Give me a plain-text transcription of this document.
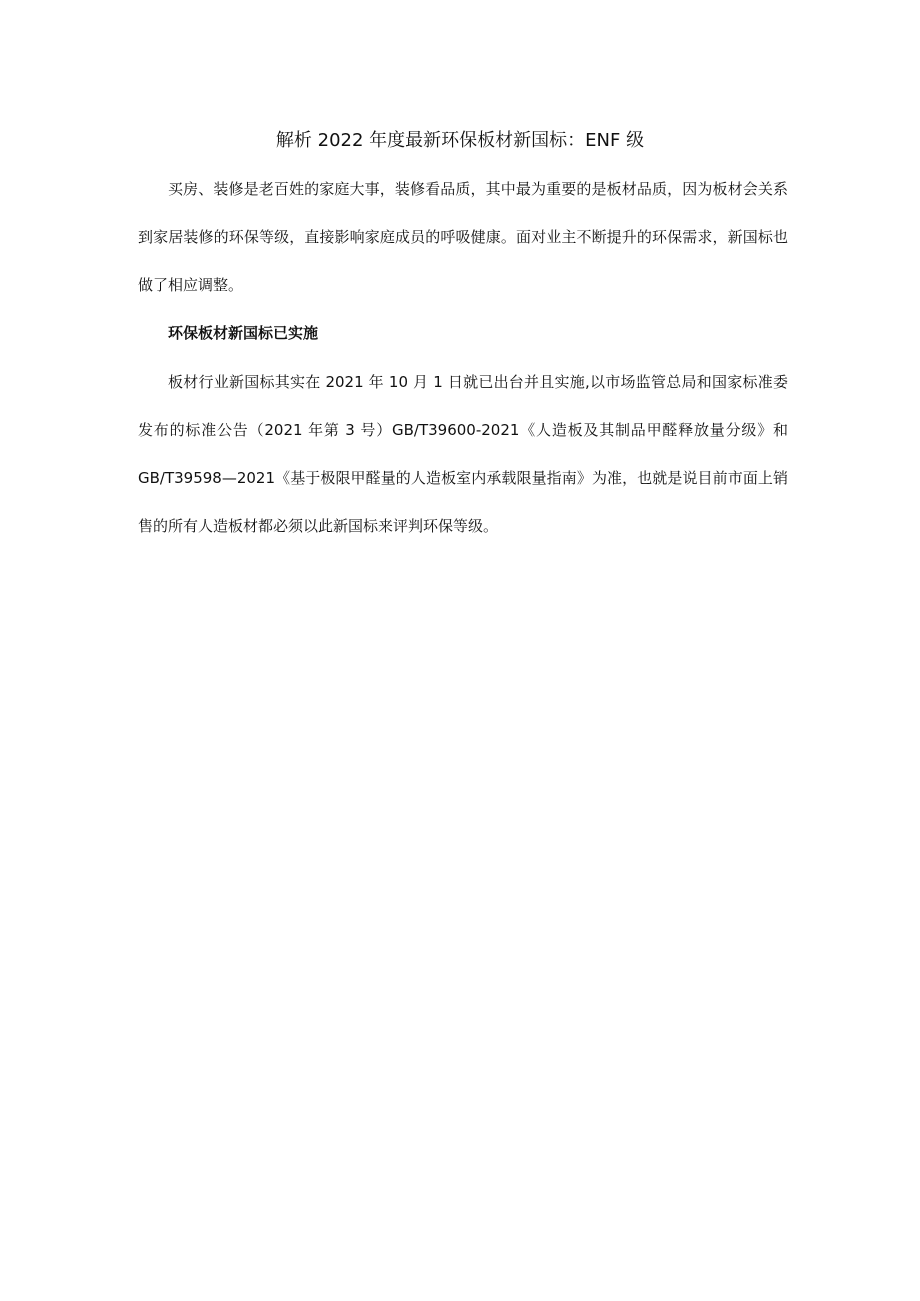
解析 2022 年度最新环保板材新国标：ENF 级

买房、装修是老百姓的家庭大事，装修看品质，其中最为重要的是板材品质，因为板材会关系到家居装修的环保等级，直接影响家庭成员的呼吸健康。面对业主不断提升的环保需求，新国标也做了相应调整。

环保板材新国标已实施

板材行业新国标其实在 2021 年 10 月 1 日就已出台并且实施,以市场监管总局和国家标准委发布的标准公告（2021 年第 3 号）GB/T39600-2021《人造板及其制品甲醛释放量分级》和 GB/T39598—2021《基于极限甲醛量的人造板室内承载限量指南》为准，也就是说目前市面上销售的所有人造板材都必须以此新国标来评判环保等级。
